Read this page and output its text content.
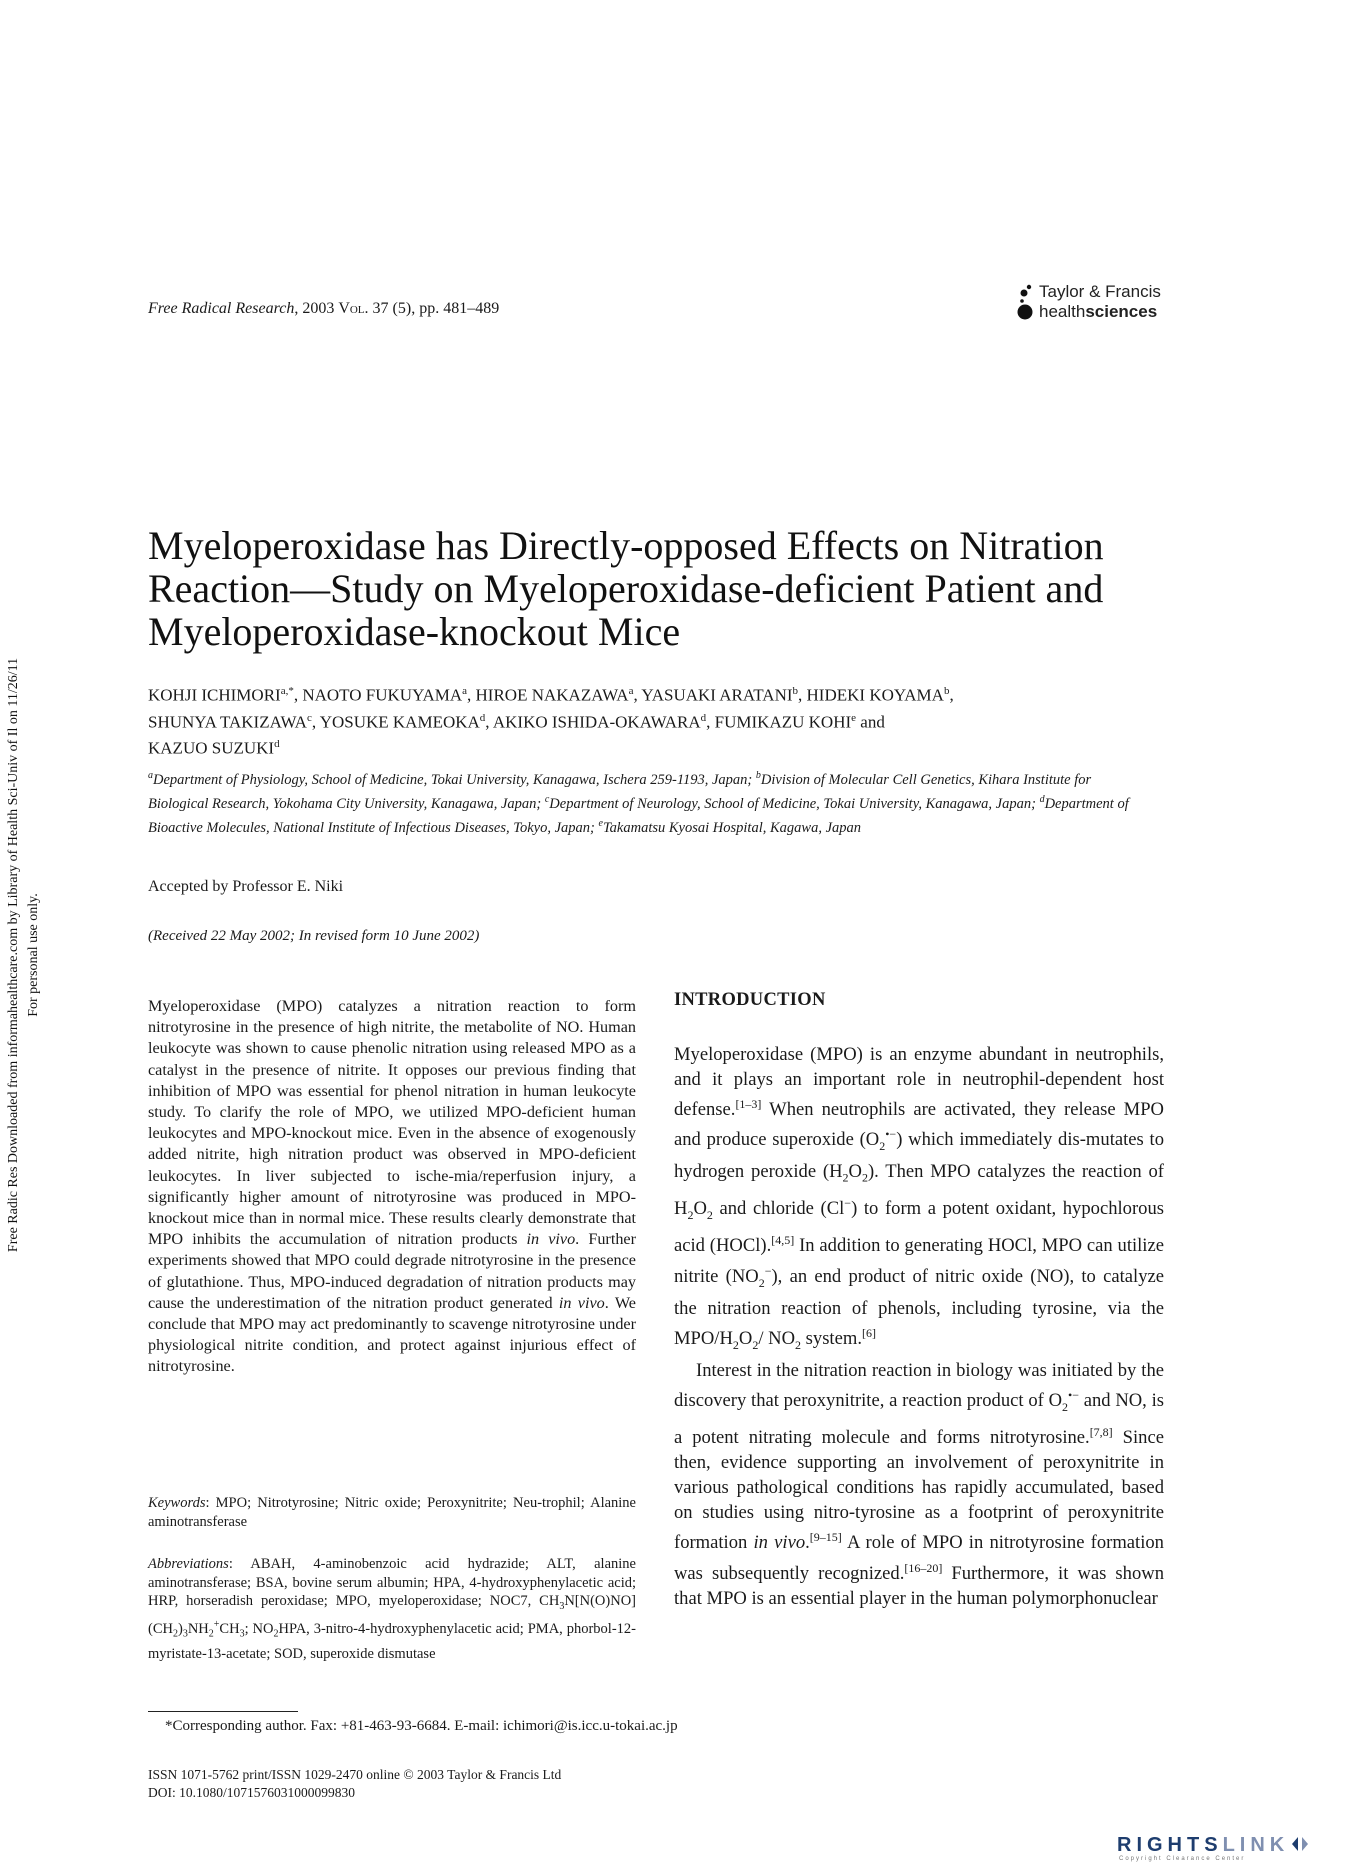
Free Radic Res Downloaded from informahealthcare.com by Library of Health Sci-Univ of Il on 11/26/11 For personal use only.
Free Radical Research, 2003 Vol. 37 (5), pp. 481–489
Taylor & Francis
healthsciences
Myeloperoxidase has Directly-opposed Effects on Nitration
Reaction—Study on Myeloperoxidase-deficient Patient and
Myeloperoxidase-knockout Mice
KOHJI $ICHIMORI^{a,*}$, NAOTO FUKUYAMA$^a$, HIROE NAKAZAWA$^a$, YASUAKI ARATANI$^b$, HIDEKI KOYAMA$^b$,
SHUNYA TAKIZAWA$^c$, YOSUKE KAMEOKA$^d$, AKIKO ISHIDA-OKAWARA$^d$, FUMIKAZU KOHI$^e$ and
KAZUO SUZUKI$^d$
$^a$Department of Physiology, School of Medicine, Tokai University, Kanagawa, Ischera 259-1193, Japan; $^b$Division of Molecular Cell Genetics, Kihara Institute for Biological Research, Yokohama City University, Kanagawa, Japan; $^c$Department of Neurology, School of Medicine, Tokai University, Kanagawa, Japan; $^d$Department of Bioactive Molecules, National Institute of Infectious Diseases, Tokyo, Japan; $^e$Takamatsu Kyosai Hospital, Kagawa, Japan
Accepted by Professor E. Niki
(Received 22 May 2002; In revised form 10 June 2002)
Myeloperoxidase (MPO) catalyzes a nitration reaction to form nitrotyrosine in the presence of high nitrite, the metabolite of NO. Human leukocyte was shown to cause phenolic nitration using released MPO as a catalyst in the presence of nitrite. It opposes our previous finding that inhibition of MPO was essential for phenol nitration in human leukocyte study. To clarify the role of MPO, we utilized MPO-deficient human leukocytes and MPO-knockout mice. Even in the absence of exogenously added nitrite, high nitration product was observed in MPO-deficient leukocytes. In liver subjected to ische-mia/reperfusion injury, a significantly higher amount of nitrotyrosine was produced in MPO-knockout mice than in normal mice. These results clearly demonstrate that MPO inhibits the accumulation of nitration products in vivo. Further experiments showed that MPO could degrade nitrotyrosine in the presence of glutathione. Thus, MPO-induced degradation of nitration products may cause the underestimation of the nitration product generated in vivo. We conclude that MPO may act predominantly to scavenge nitrotyrosine under physiological nitrite condition, and protect against injurious effect of nitrotyrosine.
Keywords: MPO; Nitrotyrosine; Nitric oxide; Peroxynitrite; Neu-trophil; Alanine aminotransferase
Abbreviations: ABAH, 4-aminobenzoic acid hydrazide; ALT, alanine aminotransferase; BSA, bovine serum albumin; HPA, 4-hydroxyphenylacetic acid; HRP, horseradish peroxidase; MPO, myeloperoxidase; NOC7, $CH_3N[N(O)NO](CH_2)_3NH_2^+CH_3$; $NO_2HPA$, 3-nitro-4-hydroxyphenylacetic acid; PMA, phorbol-12-myristate-13-acetate; SOD, superoxide dismutase
INTRODUCTION

Myeloperoxidase (MPO) is an enzyme abundant in neutrophils, and it plays an important role in neutrophil-dependent host defense.[1–3] When neutrophils are activated, they release MPO and produce superoxide $(O_2^{•-})$ which immediately dis-mutates to hydrogen peroxide $(H_2O_2)$. Then MPO catalyzes the reaction of $H_2O_2$ and chloride (Cl−) to form a potent oxidant, hypochlorous acid (HOCl).[4,5] In addition to generating HOCl, MPO can utilize nitrite $(NO_2^-)$, an end product of nitric oxide (NO), to catalyze the nitration reaction of phenols, including tyrosine, via the MPO/$H_2O_2/$ $NO_2$ system.[6]

Interest in the nitration reaction in biology was initiated by the discovery that peroxynitrite, a reaction product of $O_2^{•-}$ and NO, is a potent nitrating molecule and forms nitrotyrosine.[7,8] Since then, evidence supporting an involvement of peroxynitrite in various pathological conditions has rapidly accumulated, based on studies using nitro-tyrosine as a footprint of peroxynitrite formation in vivo.[9–15] A role of MPO in nitrotyrosine formation was subsequently recognized.[16–20] Furthermore, it was shown that MPO is an essential player in the human polymorphonuclear

*Corresponding author. Fax: +81-463-93-6684. E-mail: ichimori@is.icc.u-tokai.ac.jp
ISSN 1071-5762 print/ISSN 1029-2470 online © 2003 Taylor & Francis Ltd
DOI: 10.1080/1071576031000099830
RIGHTSLINK
Copyright Clearance Center
